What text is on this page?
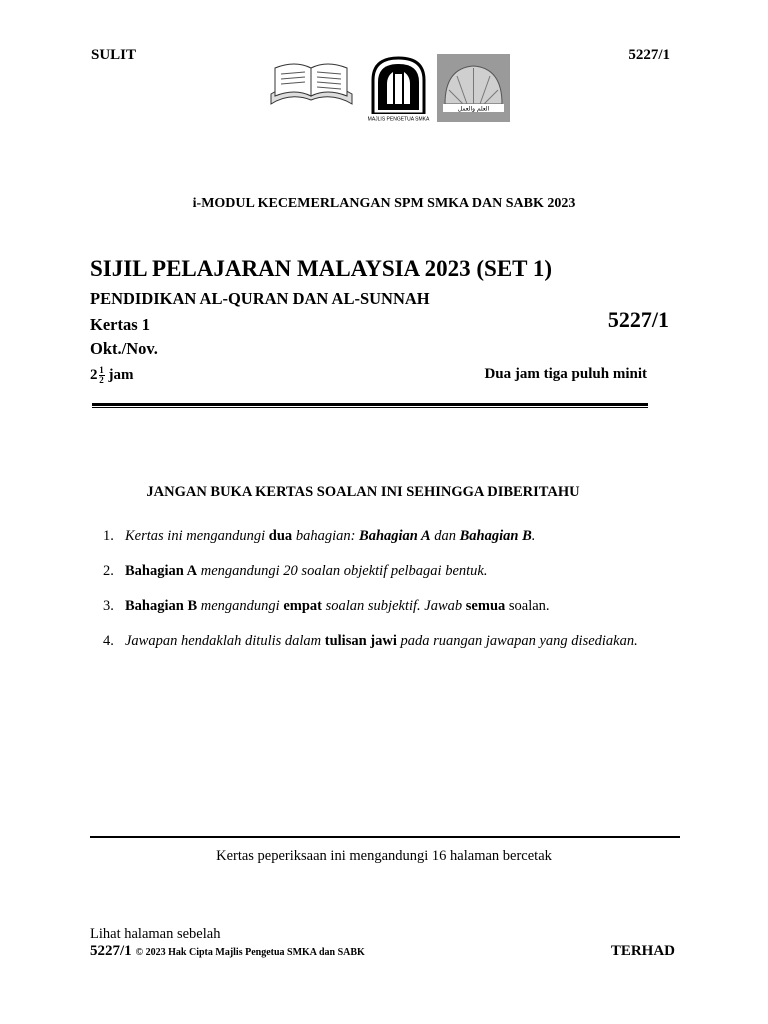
SULIT	5227/1
MAJLIS PENGETUA SMKA
العلم والعمل
i-MODUL KECEMERLANGAN SPM SMKA DAN SABK 2023
SIJIL PELAJARAN MALAYSIA 2023 (SET 1)
PENDIDIKAN AL-QURAN DAN AL-SUNNAH
Kertas 1
Okt./Nov.
5227/1
$2 \frac{1}{2}$ jam	Dua jam tiga puluh minit
JANGAN BUKA KERTAS SOALAN INI SEHINGGA DIBERITAHU
1. Kertas ini mengandungi dua bahagian: Bahagian A dan Bahagian B.
2. Bahagian A mengandungi 20 soalan objektif pelbagai bentuk.
3. Bahagian B mengandungi empat soalan subjektif. Jawab semua soalan.
4. Jawapan hendaklah ditulis dalam tulisan jawi pada ruangan jawapan yang disediakan.
Kertas peperiksaan ini mengandungi 16 halaman bercetak
Lihat halaman sebelah
5227/1 © 2023 Hak Cipta Majlis Pengetua SMKA dan SABK	TERHAD
